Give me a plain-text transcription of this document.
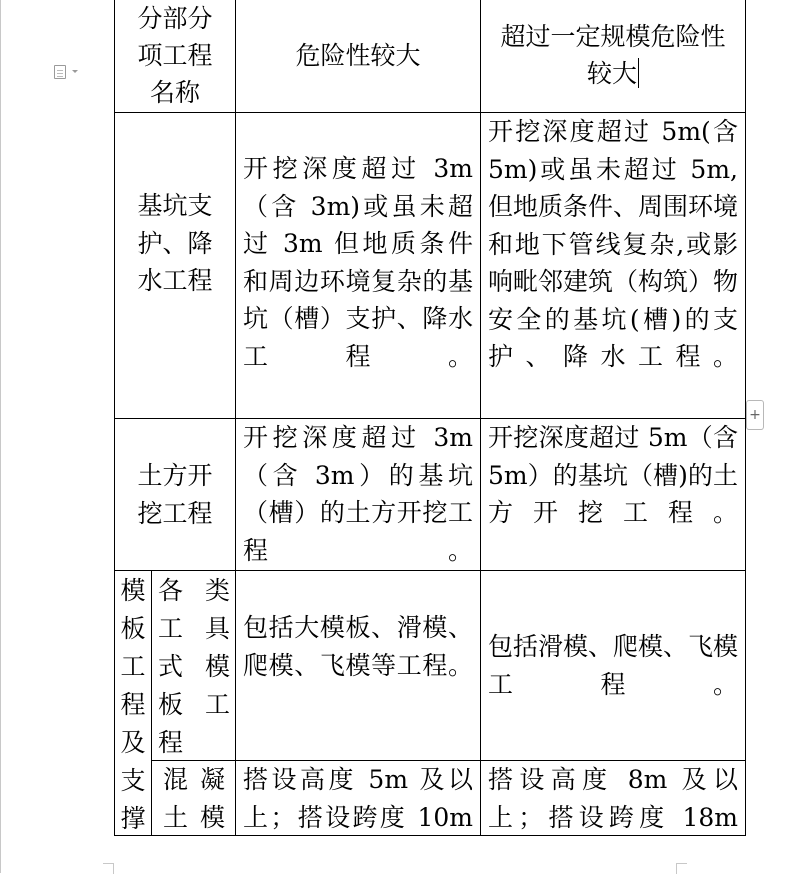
+
分部分项工程名称
危险性较大
超过一定规模危险性较大
基坑支护、降水工程
开挖深度超过 3m（含 3m)或虽未超过 3m 但地质条件和周边环境复杂的基坑（槽）支护、降水工程。
开挖深度超过 5m(含 5m)或虽未超过 5m,但地质条件、周围环境和地下管线复杂,或影响毗邻建筑（构筑）物安全的基坑(槽)的支护、降水工程。
土方开挖工程
开挖深度超过 3m（含 3m）的基坑（槽）的土方开挖工程。
开挖深度超过 5m（含 5m）的基坑（槽)的土方开挖工程。
模板工程及支撑
各类工具式模板工程
包括大模板、滑模、爬模、飞模等工程。
包括滑模、爬模、飞模工程。
混凝土模
搭设高度 5m 及以上；搭设跨度 10m
搭设高度 8m 及以上；搭设跨度 18m
